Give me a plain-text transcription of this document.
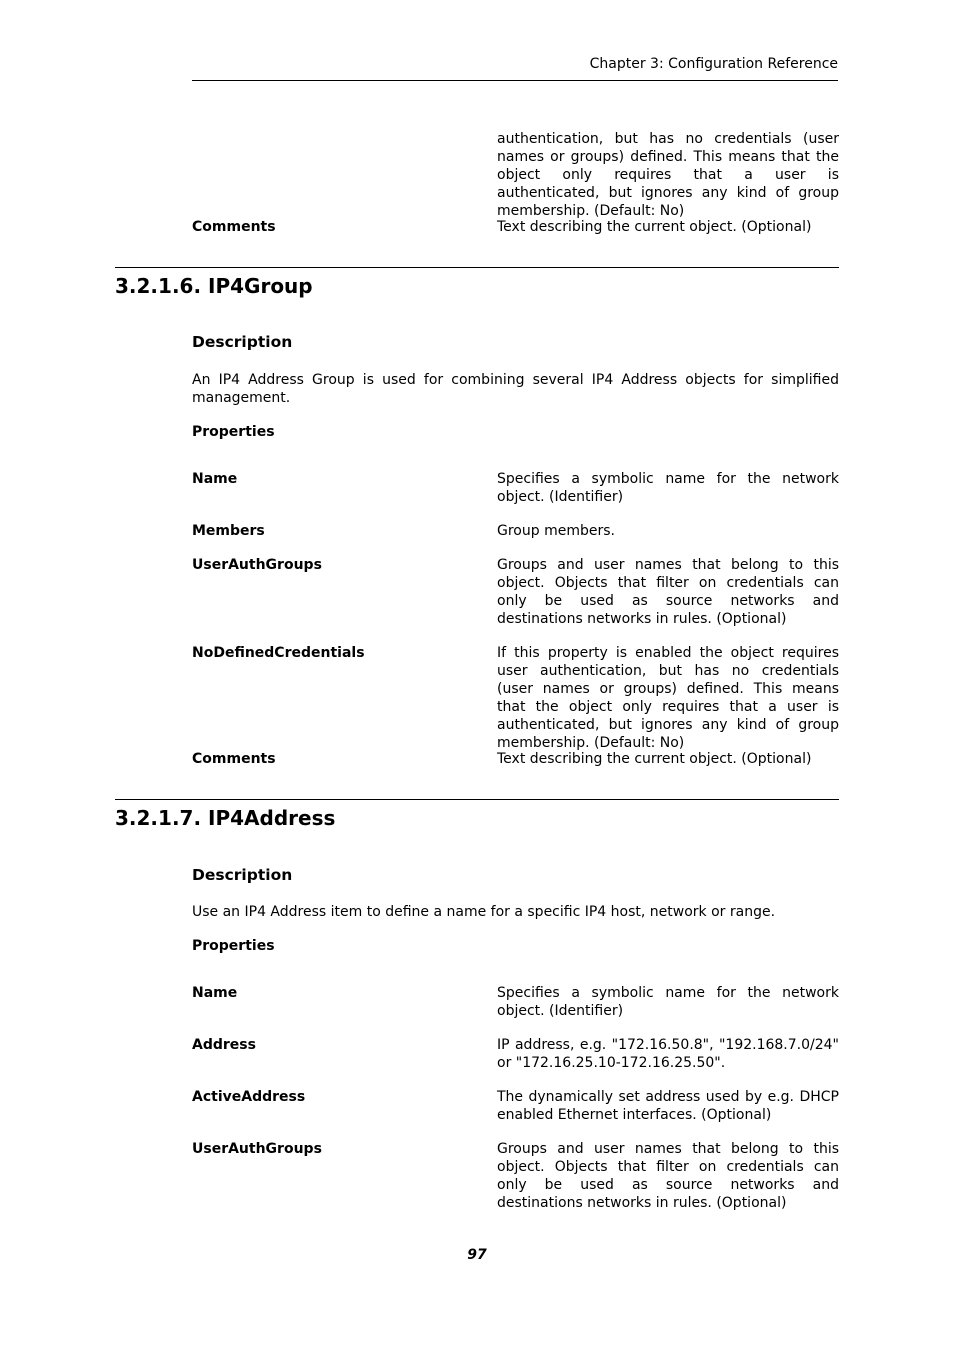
Chapter 3: Configuration Reference
authentication, but has no credentials (user names or groups) defined. This means that the object only requires that a user is authenticated, but ignores any kind of group membership. (Default: No)
Comments	Text describing the current object. (Optional)
3.2.1.6. IP4Group
Description
An IP4 Address Group is used for combining several IP4 Address objects for simplified management.
Properties
Name	Specifies a symbolic name for the network object. (Identifier)
Members	Group members.
UserAuthGroups	Groups and user names that belong to this object. Objects that filter on credentials can only be used as source networks and destinations networks in rules. (Optional)
NoDefinedCredentials	If this property is enabled the object requires user authentication, but has no credentials (user names or groups) defined. This means that the object only requires that a user is authenticated, but ignores any kind of group membership. (Default: No)
Comments	Text describing the current object. (Optional)
3.2.1.7. IP4Address
Description
Use an IP4 Address item to define a name for a specific IP4 host, network or range.
Properties
Name	Specifies a symbolic name for the network object. (Identifier)
Address	IP address, e.g. "172.16.50.8", "192.168.7.0/24" or "172.16.25.10-172.16.25.50".
ActiveAddress	The dynamically set address used by e.g. DHCP enabled Ethernet interfaces. (Optional)
UserAuthGroups	Groups and user names that belong to this object. Objects that filter on credentials can only be used as source networks and destinations networks in rules. (Optional)
97
